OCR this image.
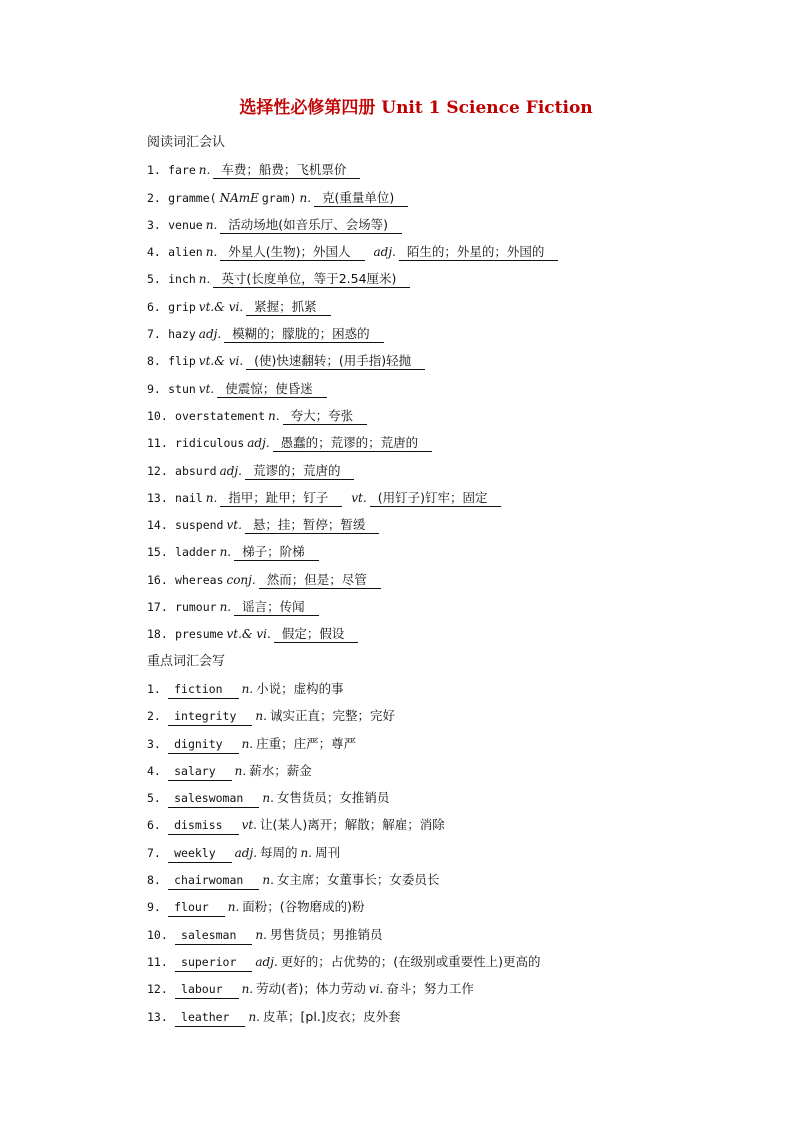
选择性必修第四册 Unit 1 Science Fiction
阅读词汇会认
1. fare n. 车费；船费；飞机票价
2. gramme( NAmE gram) n. 克(重量单位)
3. venue n. 活动场地(如音乐厅、会场等)
4. alien n. 外星人(生物)；外国人 adj. 陌生的；外星的；外国的
5. inch n. 英寸(长度单位，等于2.54厘米)
6. grip vt.& vi. 紧握；抓紧
7. hazy adj. 模糊的；朦胧的；困惑的
8. flip vt.& vi. (使)快速翻转；(用手指)轻抛
9. stun vt. 使震惊；使昏迷
10. overstatement n. 夸大；夸张
11. ridiculous adj. 愚蠢的；荒谬的；荒唐的
12. absurd adj. 荒谬的；荒唐的
13. nail n. 指甲；趾甲；钉子 vt. (用钉子)钉牢；固定
14. suspend vt. 悬；挂；暂停；暂缓
15. ladder n. 梯子；阶梯
16. whereas conj. 然而；但是；尽管
17. rumour n. 谣言；传闻
18. presume vt.& vi. 假定；假设
重点词汇会写
1. fiction n. 小说；虚构的事
2. integrity n. 诚实正直；完整；完好
3. dignity n. 庄重；庄严；尊严
4. salary n. 薪水；薪金
5. saleswoman n. 女售货员；女推销员
6. dismiss vt. 让(某人)离开；解散；解雇；消除
7. weekly adj. 每周的 n. 周刊
8. chairwoman n. 女主席；女董事长；女委员长
9. flour n. 面粉；(谷物磨成的)粉
10. salesman n. 男售货员；男推销员
11. superior adj. 更好的；占优势的；(在级别或重要性上)更高的
12. labour n. 劳动(者)；体力劳动 vi. 奋斗；努力工作
13. leather n. 皮革；[pl.]皮衣；皮外套
